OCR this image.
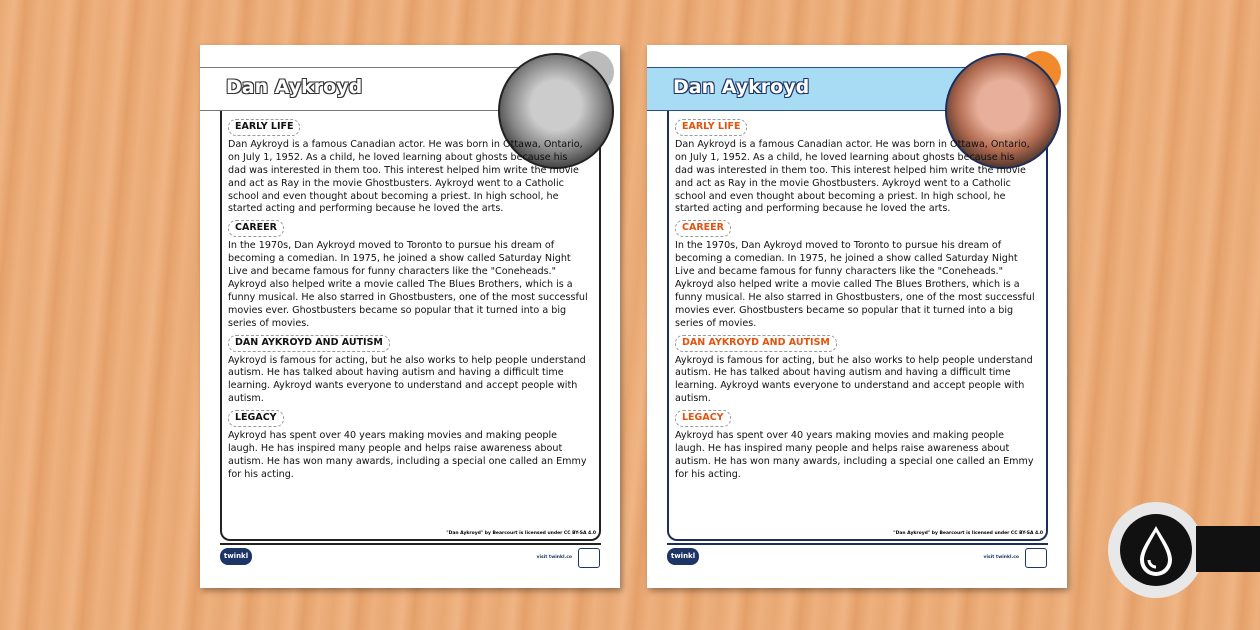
Dan Aykroyd
EARLY LIFE
Dan Aykroyd is a famous Canadian actor. He was born in Ottawa, Ontario, on July 1, 1952. As a child, he loved learning about ghosts because his dad was interested in them too. This interest helped him write the movie and act as Ray in the movie Ghostbusters. Aykroyd went to a Catholic school and even thought about becoming a priest. In high school, he started acting and performing because he loved the arts.
CAREER
In the 1970s, Dan Aykroyd moved to Toronto to pursue his dream of becoming a comedian. In 1975, he joined a show called Saturday Night Live and became famous for funny characters like the "Coneheads." Aykroyd also helped write a movie called The Blues Brothers, which is a funny musical. He also starred in Ghostbusters, one of the most successful movies ever. Ghostbusters became so popular that it turned into a big series of movies.
DAN AYKROYD AND AUTISM
Aykroyd is famous for acting, but he also works to help people understand autism. He has talked about having autism and having a difficult time learning. Aykroyd wants everyone to understand and accept people with autism.
LEGACY
Aykroyd has spent over 40 years making movies and making people laugh. He has inspired many people and helps raise awareness about autism. He has won many awards, including a special one called an Emmy for his acting.
"Dan Aykroyd" by Bearcourt is licensed under CC BY-SA 4.0
twinkl	visit twinkl.co
Dan Aykroyd
EARLY LIFE
Dan Aykroyd is a famous Canadian actor. He was born in Ottawa, Ontario, on July 1, 1952. As a child, he loved learning about ghosts because his dad was interested in them too. This interest helped him write the movie and act as Ray in the movie Ghostbusters. Aykroyd went to a Catholic school and even thought about becoming a priest. In high school, he started acting and performing because he loved the arts.
CAREER
In the 1970s, Dan Aykroyd moved to Toronto to pursue his dream of becoming a comedian. In 1975, he joined a show called Saturday Night Live and became famous for funny characters like the "Coneheads." Aykroyd also helped write a movie called The Blues Brothers, which is a funny musical. He also starred in Ghostbusters, one of the most successful movies ever. Ghostbusters became so popular that it turned into a big series of movies.
DAN AYKROYD AND AUTISM
Aykroyd is famous for acting, but he also works to help people understand autism. He has talked about having autism and having a difficult time learning. Aykroyd wants everyone to understand and accept people with autism.
LEGACY
Aykroyd has spent over 40 years making movies and making people laugh. He has inspired many people and helps raise awareness about autism. He has won many awards, including a special one called an Emmy for his acting.
"Dan Aykroyd" by Bearcourt is licensed under CC BY-SA 4.0
twinkl	visit twinkl.co
